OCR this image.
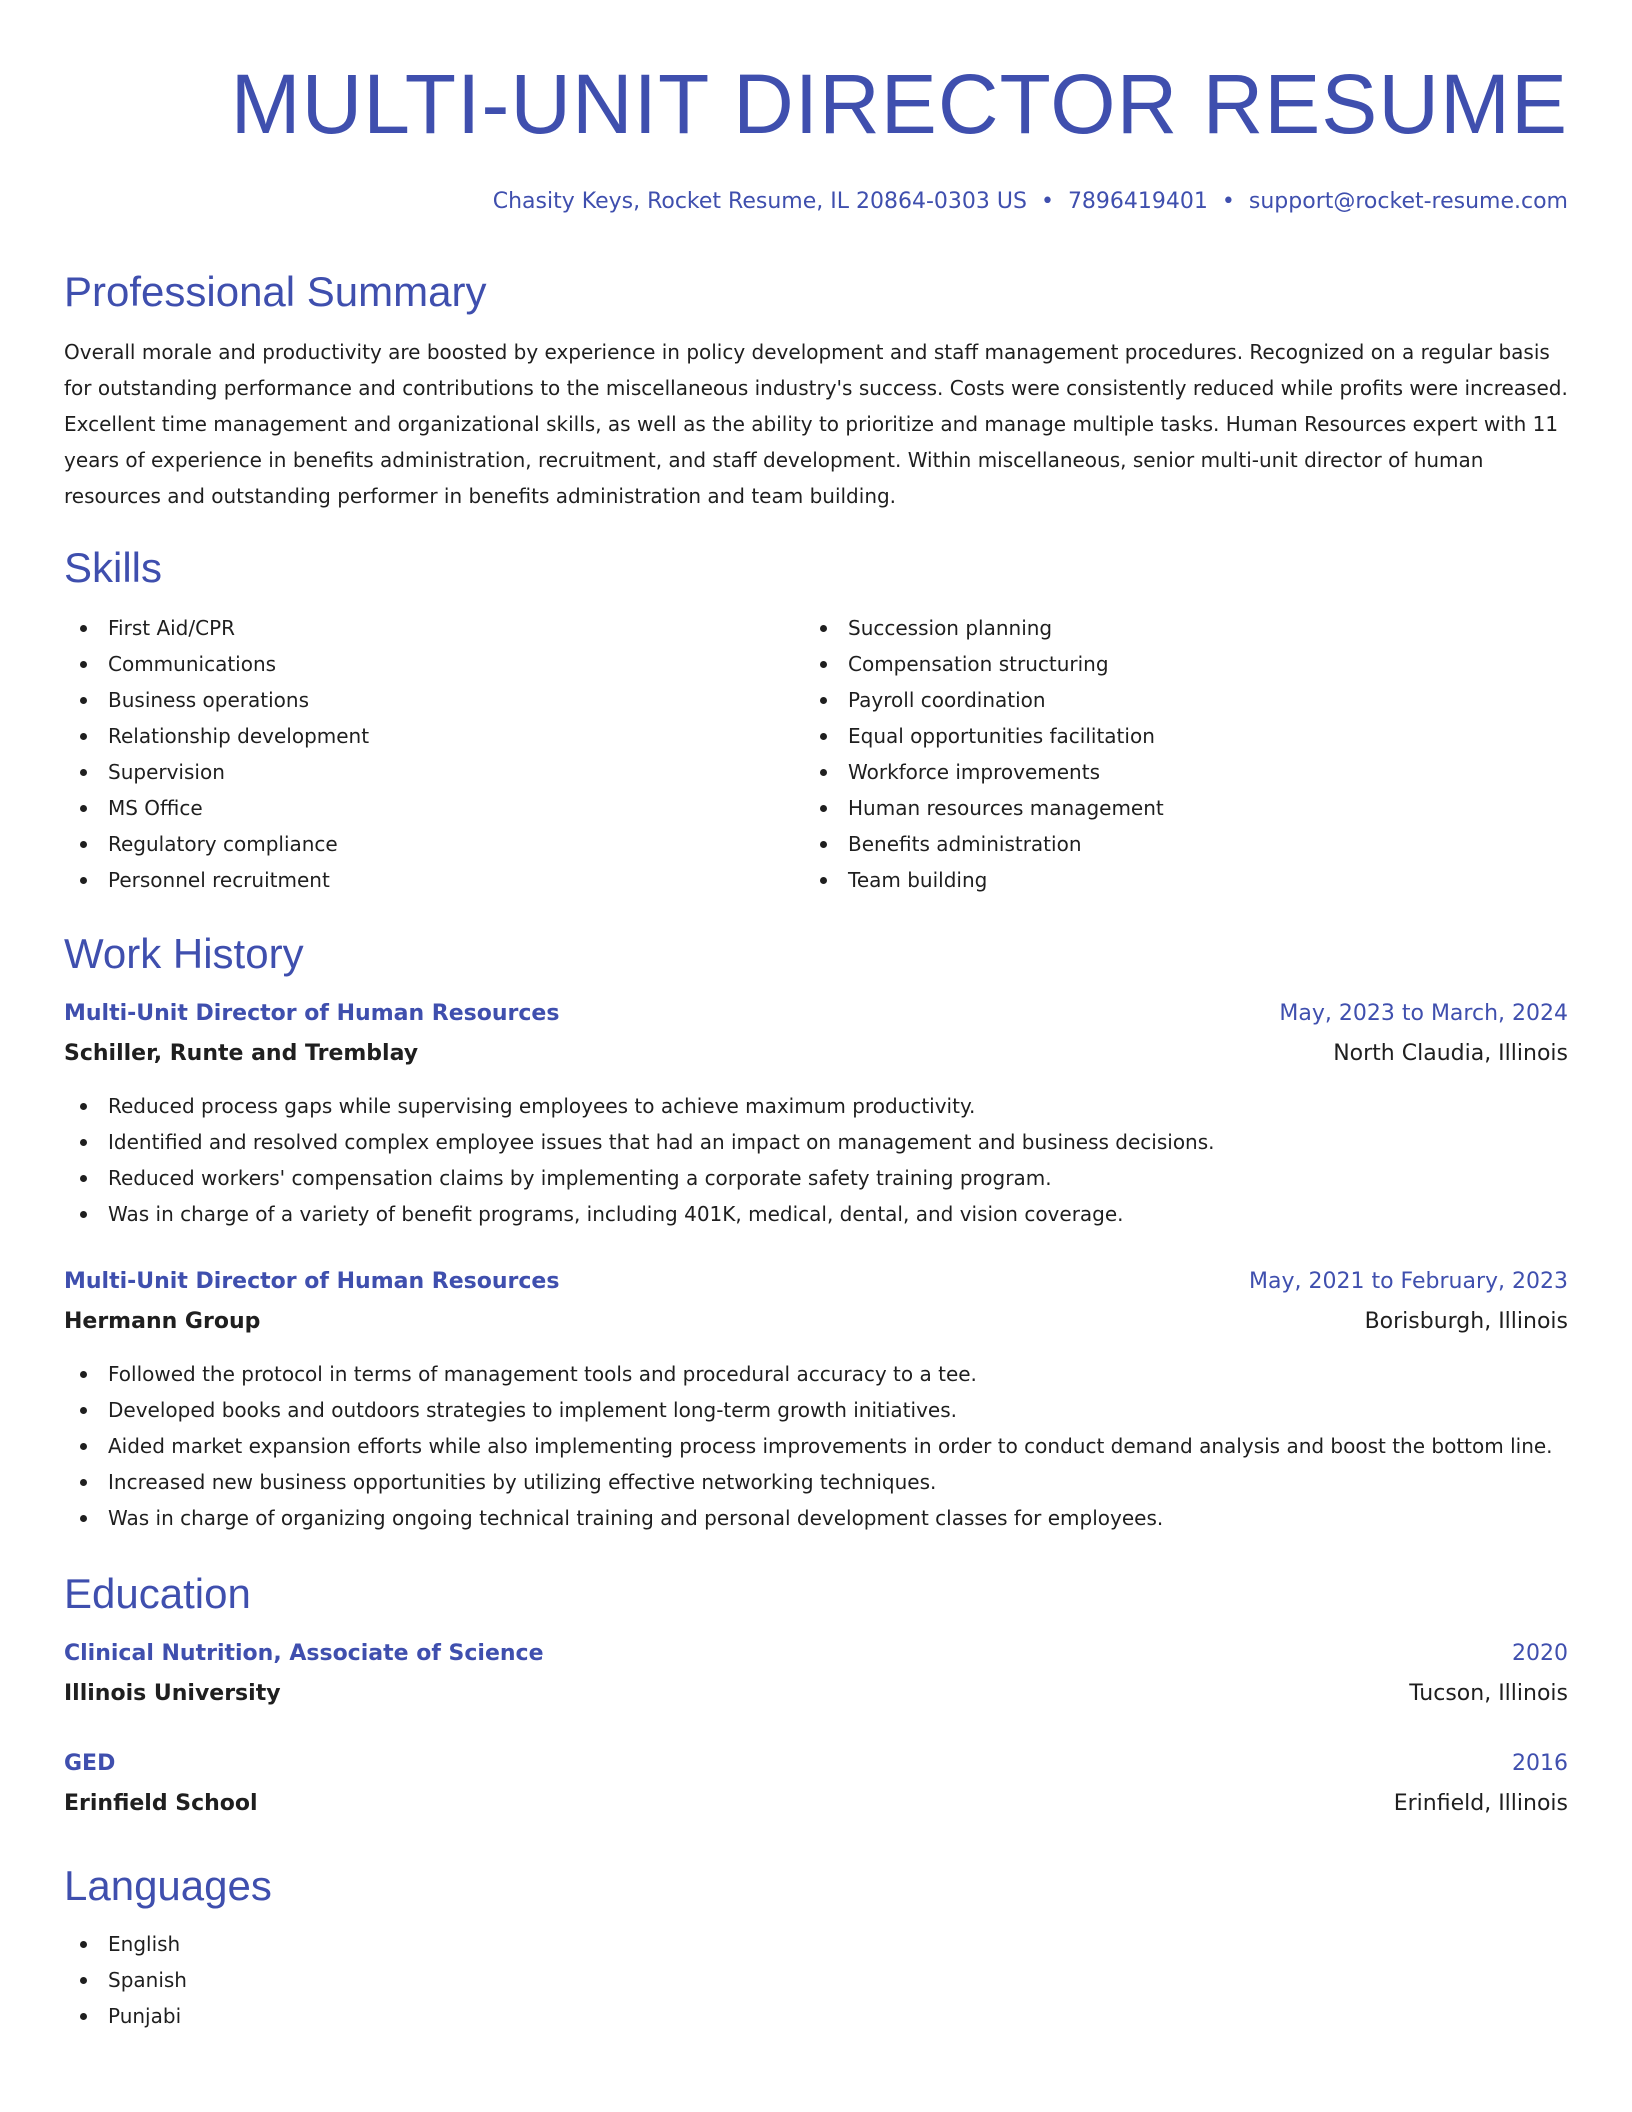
MULTI-UNIT DIRECTOR RESUME
Chasity Keys, Rocket Resume, IL 20864-0303 US • 7896419401 • support@rocket-resume.com
Professional Summary

Overall morale and productivity are boosted by experience in policy development and staff management procedures. Recognized on a regular basis for outstanding performance and contributions to the miscellaneous industry's success. Costs were consistently reduced while profits were increased. Excellent time management and organizational skills, as well as the ability to prioritize and manage multiple tasks. Human Resources expert with 11 years of experience in benefits administration, recruitment, and staff development. Within miscellaneous, senior multi-unit director of human resources and outstanding performer in benefits administration and team building.

Skills
First Aid/CPR
Communications
Business operations
Relationship development
Supervision
MS Office
Regulatory compliance
Personnel recruitment
Succession planning
Compensation structuring
Payroll coordination
Equal opportunities facilitation
Workforce improvements
Human resources management
Benefits administration
Team building
Work History
Multi-Unit Director of Human Resources	May, 2023 to March, 2024
Schiller, Runte and Tremblay	North Claudia, Illinois
Reduced process gaps while supervising employees to achieve maximum productivity.
Identified and resolved complex employee issues that had an impact on management and business decisions.
Reduced workers' compensation claims by implementing a corporate safety training program.
Was in charge of a variety of benefit programs, including 401K, medical, dental, and vision coverage.
Multi-Unit Director of Human Resources	May, 2021 to February, 2023
Hermann Group	Borisburgh, Illinois
Followed the protocol in terms of management tools and procedural accuracy to a tee.
Developed books and outdoors strategies to implement long-term growth initiatives.
Aided market expansion efforts while also implementing process improvements in order to conduct demand analysis and boost the bottom line.
Increased new business opportunities by utilizing effective networking techniques.
Was in charge of organizing ongoing technical training and personal development classes for employees.
Education
Clinical Nutrition, Associate of Science	2020
Illinois University	Tucson, Illinois
GED	2016
Erinfield School	Erinfield, Illinois
Languages
English
Spanish
Punjabi
